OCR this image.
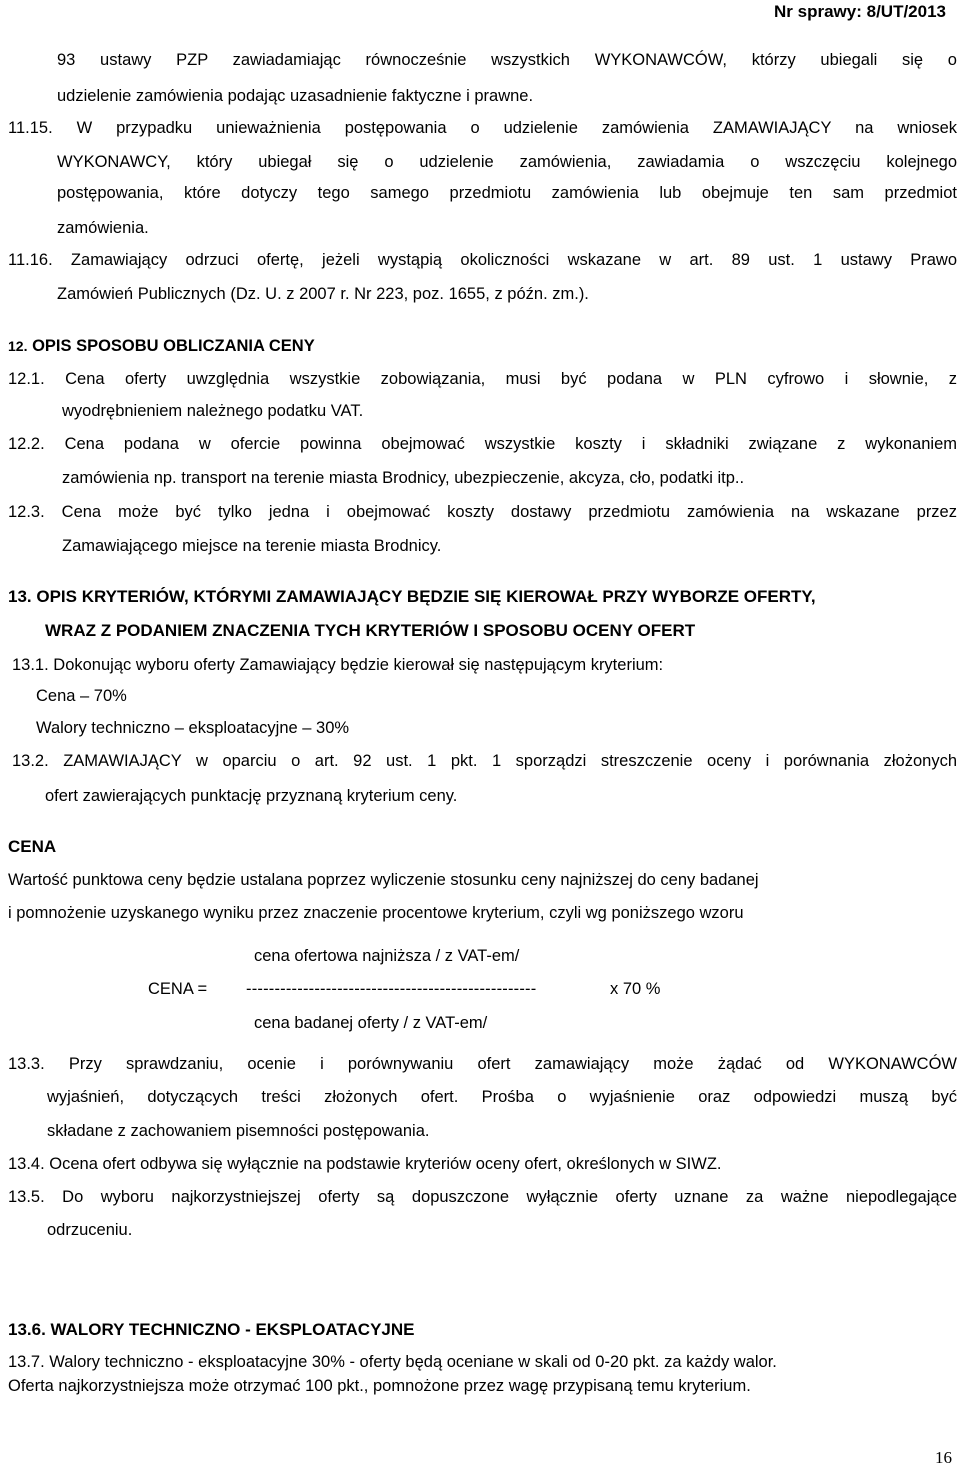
Nr sprawy: 8/UT/2013
93 ustawy PZP zawiadamiając równocześnie wszystkich WYKONAWCÓW, którzy ubiegali się o
udzielenie zamówienia podając uzasadnienie faktyczne i prawne.
11.15. W przypadku unieważnienia postępowania o udzielenie zamówienia ZAMAWIAJĄCY na wniosek
WYKONAWCY, który ubiegał się o udzielenie zamówienia, zawiadamia o wszczęciu kolejnego
postępowania, które dotyczy tego samego przedmiotu zamówienia lub obejmuje ten sam przedmiot
zamówienia.
11.16. Zamawiający odrzuci ofertę, jeżeli wystąpią okoliczności wskazane w art. 89 ust. 1 ustawy Prawo
Zamówień Publicznych (Dz. U. z 2007 r. Nr 223, poz. 1655, z późn. zm.).
12. OPIS SPOSOBU OBLICZANIA CENY
12.1. Cena oferty uwzględnia wszystkie zobowiązania, musi być podana w PLN cyfrowo i słownie, z
wyodrębnieniem należnego podatku VAT.
12.2. Cena podana w ofercie powinna obejmować wszystkie koszty i składniki związane z wykonaniem
zamówienia np. transport na terenie miasta Brodnicy, ubezpieczenie, akcyza, cło, podatki itp..
12.3. Cena może być tylko jedna i obejmować koszty dostawy przedmiotu zamówienia na wskazane przez
Zamawiającego miejsce na terenie miasta Brodnicy.
13. OPIS KRYTERIÓW, KTÓRYMI ZAMAWIAJĄCY BĘDZIE SIĘ KIEROWAŁ PRZY WYBORZE OFERTY,
WRAZ Z PODANIEM ZNACZENIA TYCH KRYTERIÓW I SPOSOBU OCENY OFERT
13.1. Dokonując wyboru oferty Zamawiający będzie kierował się następującym kryterium:
Cena – 70%
Walory techniczno – eksploatacyjne – 30%
13.2. ZAMAWIAJĄCY w oparciu o art. 92 ust. 1 pkt. 1 sporządzi streszczenie oceny i porównania złożonych
ofert zawierających punktację przyznaną kryterium ceny.
CENA
Wartość punktowa ceny będzie ustalana poprzez wyliczenie stosunku ceny najniższej do ceny badanej
i pomnożenie uzyskanego wyniku przez znaczenie procentowe kryterium, czyli wg poniższego wzoru
cena ofertowa najniższa / z VAT-em/
CENA = ---------------------------------------------------	x 70 %
cena badanej oferty / z VAT-em/
13.3. Przy sprawdzaniu, ocenie i porównywaniu ofert zamawiający może żądać od WYKONAWCÓW
wyjaśnień, dotyczących treści złożonych ofert. Prośba o wyjaśnienie oraz odpowiedzi muszą być
składane z zachowaniem pisemności postępowania.
13.4. Ocena ofert odbywa się wyłącznie na podstawie kryteriów oceny ofert, określonych w SIWZ.
13.5. Do wyboru najkorzystniejszej oferty są dopuszczone wyłącznie oferty uznane za ważne niepodlegające
odrzuceniu.
13.6. WALORY TECHNICZNO - EKSPLOATACYJNE
13.7. Walory techniczno - eksploatacyjne 30% - oferty będą oceniane w skali od 0-20 pkt. za każdy walor.
Oferta najkorzystniejsza może otrzymać 100 pkt., pomnożone przez wagę przypisaną temu kryterium.
16
